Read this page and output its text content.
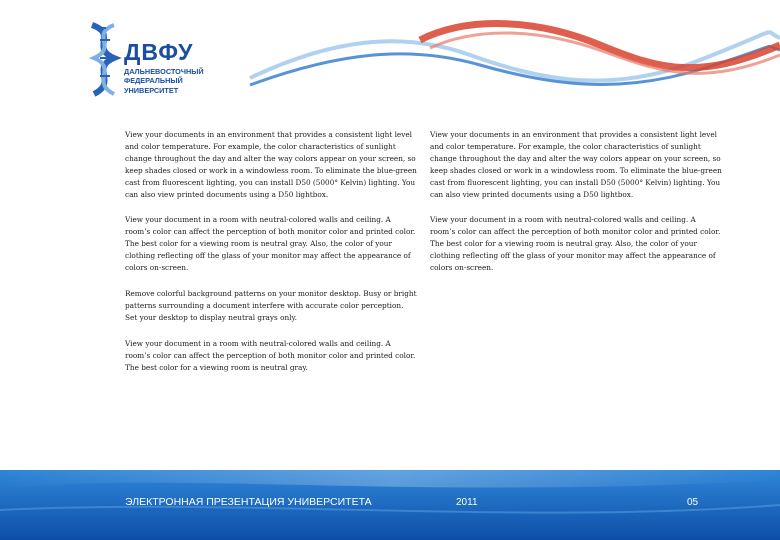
ДВФУ
ДАЛЬНЕВОСТОЧНЫЙ
ФЕДЕРАЛЬНЫЙ
УНИВЕРСИТЕТ

View your documents in an environment that provides a consistent light level and color temperature. For example, the color characteristics of sunlight change throughout the day and alter the way colors appear on your screen, so keep shades closed or work in a windowless room. To eliminate the blue-green cast from fluorescent lighting, you can install D50 (5000° Kelvin) lighting. You can also view printed documents using a D50 lightbox.

View your document in a room with neutral-colored walls and ceiling. A room’s color can affect the perception of both monitor color and printed color. The best color for a viewing room is neutral gray. Also, the color of your clothing reflecting off the glass of your monitor may affect the appearance of colors on-screen.

Remove colorful background patterns on your monitor desktop. Busy or bright patterns surrounding a document interfere with accurate color perception. Set your desktop to display neutral grays only.

View your document in a room with neutral-colored walls and ceiling. A room’s color can affect the perception of both monitor color and printed color. The best color for a viewing room is neutral gray.

View your documents in an environment that provides a consistent light level and color temperature. For example, the color characteristics of sunlight change throughout the day and alter the way colors appear on your screen, so keep shades closed or work in a windowless room. To eliminate the blue-green cast from fluorescent lighting, you can install D50 (5000° Kelvin) lighting. You can also view printed documents using a D50 lightbox.

View your document in a room with neutral-colored walls and ceiling. A room’s color can affect the perception of both monitor color and printed color. The best color for a viewing room is neutral gray. Also, the color of your clothing reflecting off the glass of your monitor may affect the appearance of colors on-screen.

ЭЛЕКТРОННАЯ ПРЕЗЕНТАЦИЯ УНИВЕРСИТЕТА	2011	05
